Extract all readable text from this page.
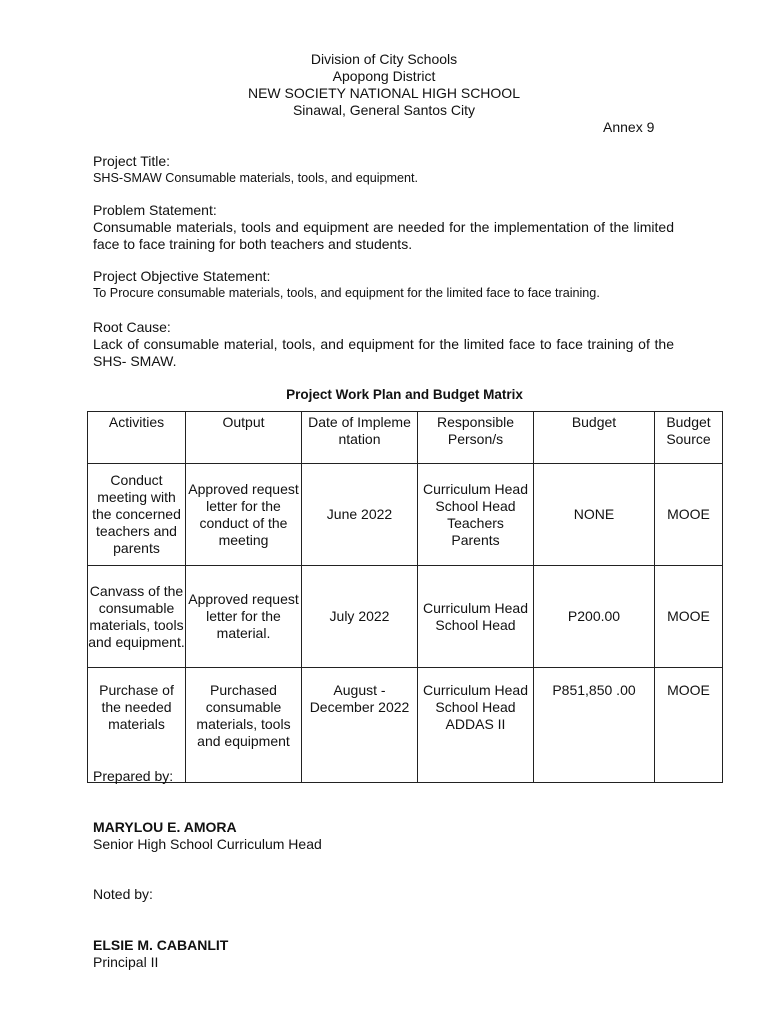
Division of City Schools
Apopong District
NEW SOCIETY NATIONAL HIGH SCHOOL
Sinawal, General Santos City
Annex 9
Project Title:
SHS-SMAW Consumable materials, tools, and equipment.
Problem Statement:
Consumable materials, tools and equipment are needed for the implementation of the limited face to face training for both teachers and students.
Project Objective Statement:
To Procure consumable materials, tools, and equipment for the limited face to face training.
Root Cause:
Lack of consumable material, tools, and equipment for the limited face to face training of the SHS- SMAW.
Project Work Plan and Budget Matrix
Activities	Output	Date of Implementation	Responsible Person/s	Budget	Budget Source
Conduct meeting with the concerned teachers and parents	Approved request letter for the conduct of the meeting	June 2022	Curriculum Head
School Head
Teachers
Parents	NONE	MOOE
Canvass of the consumable materials, tools and equipment.	Approved request letter for the material.	July 2022	Curriculum Head
School Head	P200.00	MOOE
Purchase of the needed materials	Purchased consumable materials, tools and equipment	August - December 2022	Curriculum Head
School Head
ADDAS II	P851,850 .00	MOOE
Prepared by:
MARYLOU E. AMORA
Senior High School Curriculum Head
Noted by:
ELSIE M. CABANLIT
Principal II
